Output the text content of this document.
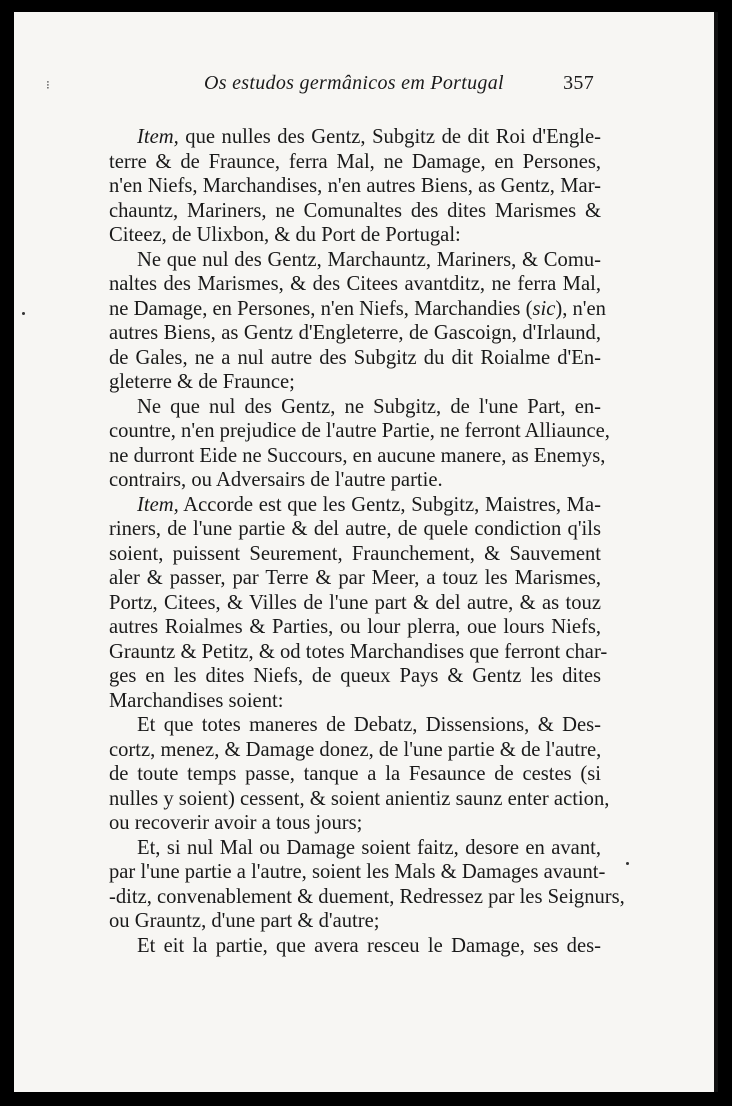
Os estudos germânicos em Portugal	357
⁝

Item, que nulles des Gentz, Subgitz de dit Roi d'Engle-
terre & de Fraunce, ferra Mal, ne Damage, en Persones,
n'en Niefs, Marchandises, n'en autres Biens, as Gentz, Mar-
chauntz, Mariners, ne Comunaltes des dites Marismes &
Citeez, de Ulixbon, & du Port de Portugal:

Ne que nul des Gentz, Marchauntz, Mariners, & Comu-
naltes des Marismes, & des Citees avantditz, ne ferra Mal,
ne Damage, en Persones, n'en Niefs, Marchandies (sic), n'en
autres Biens, as Gentz d'Engleterre, de Gascoign, d'Irlaund,
de Gales, ne a nul autre des Subgitz du dit Roialme d'En-
gleterre & de Fraunce;

Ne que nul des Gentz, ne Subgitz, de l'une Part, en-
countre, n'en prejudice de l'autre Partie, ne ferront Alliaunce,
ne durront Eide ne Succours, en aucune manere, as Enemys,
contrairs, ou Adversairs de l'autre partie.

Item, Accorde est que les Gentz, Subgitz, Maistres, Ma-
riners, de l'une partie & del autre, de quele condiction q'ils
soient, puissent Seurement, Fraunchement, & Sauvement
aler & passer, par Terre & par Meer, a touz les Marismes,
Portz, Citees, & Villes de l'une part & del autre, & as touz
autres Roialmes & Parties, ou lour plerra, oue lours Niefs,
Grauntz & Petitz, & od totes Marchandises que ferront char-
ges en les dites Niefs, de queux Pays & Gentz les dites
Marchandises soient:

Et que totes maneres de Debatz, Dissensions, & Des-
cortz, menez, & Damage donez, de l'une partie & de l'autre,
de toute temps passe, tanque a la Fesaunce de cestes (si
nulles y soient) cessent, & soient anientiz saunz enter action,
ou recoverir avoir a tous jours;

Et, si nul Mal ou Damage soient faitz, desore en avant,
par l'une partie a l'autre, soient les Mals & Damages avaunt-
-ditz, convenablement & duement, Redressez par les Seignurs,
ou Grauntz, d'une part & d'autre;

Et eit la partie, que avera resceu le Damage, ses des-
